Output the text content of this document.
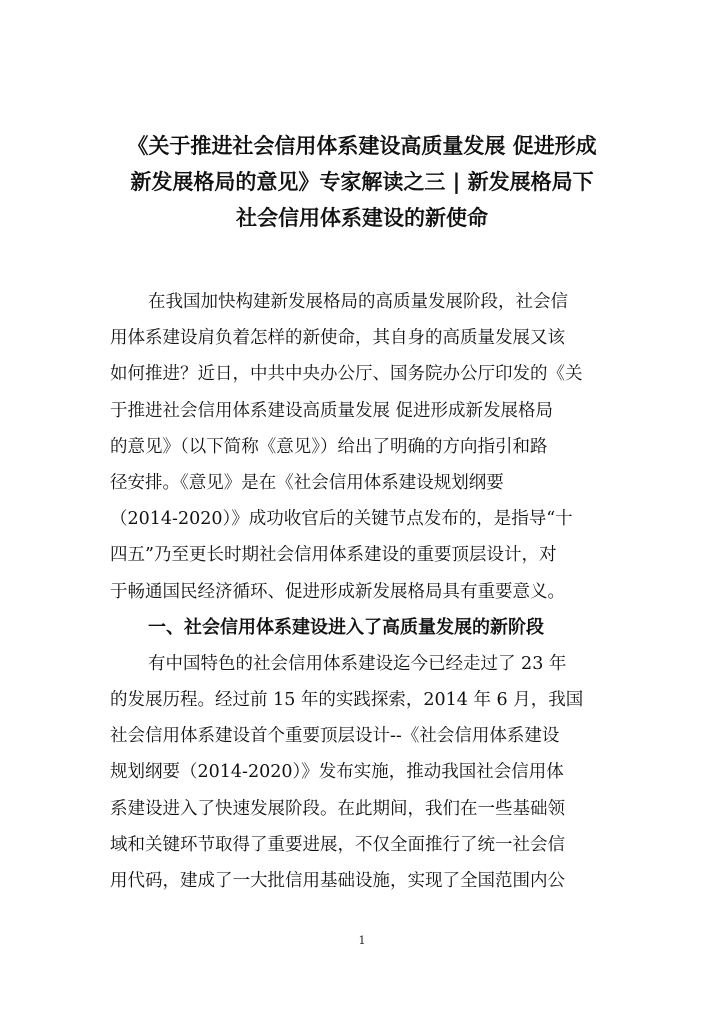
《关于推进社会信用体系建设高质量发展 促进形成
新发展格局的意见》专家解读之三 | 新发展格局下
社会信用体系建设的新使命
在我国加快构建新发展格局的高质量发展阶段，社会信
用体系建设肩负着怎样的新使命，其自身的高质量发展又该
如何推进？近日，中共中央办公厅、国务院办公厅印发的《关
于推进社会信用体系建设高质量发展 促进形成新发展格局
的意见》（以下简称《意见》）给出了明确的方向指引和路
径安排。《意见》是在《社会信用体系建设规划纲要
（2014-2020）》成功收官后的关键节点发布的，是指导“十
四五”乃至更长时期社会信用体系建设的重要顶层设计，对
于畅通国民经济循环、促进形成新发展格局具有重要意义。
一、社会信用体系建设进入了高质量发展的新阶段
有中国特色的社会信用体系建设迄今已经走过了 23 年
的发展历程。经过前 15 年的实践探索，2014 年 6 月，我国
社会信用体系建设首个重要顶层设计--《社会信用体系建设
规划纲要（2014-2020）》发布实施，推动我国社会信用体
系建设进入了快速发展阶段。在此期间，我们在一些基础领
域和关键环节取得了重要进展，不仅全面推行了统一社会信
用代码，建成了一大批信用基础设施，实现了全国范围内公
1
